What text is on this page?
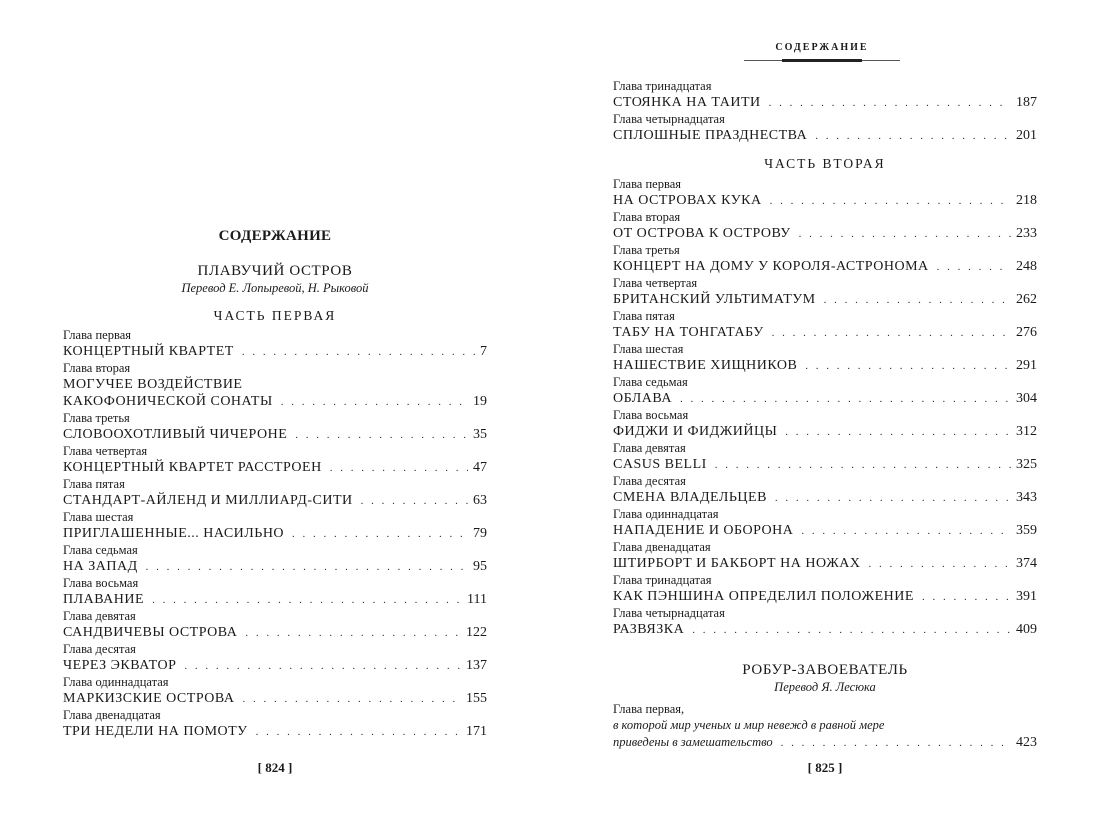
СОДЕРЖАНИЕ
ПЛАВУЧИЙ ОСТРОВ
Перевод Е. Лопыревой, Н. Рыковой
ЧАСТЬ ПЕРВАЯ
Глава первая
КОНЦЕРТНЫЙ КВАРТЕТ . . .	7
Глава вторая
МОГУЧЕЕ ВОЗДЕЙСТВИЕ
КАКОФОНИЧЕСКОЙ СОНАТЫ . . .	19
Глава третья
СЛОВООХОТЛИВЫЙ ЧИЧЕРОНЕ . . .	35
Глава четвертая
КОНЦЕРТНЫЙ КВАРТЕТ РАССТРОЕН . . .	47
Глава пятая
СТАНДАРТ-АЙЛЕНД И МИЛЛИАРД-СИТИ . . .	63
Глава шестая
ПРИГЛАШЕННЫЕ... НАСИЛЬНО . . .	79
Глава седьмая
НА ЗАПАД . . .	95
Глава восьмая
ПЛАВАНИЕ . . .	111
Глава девятая
САНДВИЧЕВЫ ОСТРОВА . . .	122
Глава десятая
ЧЕРЕЗ ЭКВАТОР . . .	137
Глава одиннадцатая
МАРКИЗСКИЕ ОСТРОВА . . .	155
Глава двенадцатая
ТРИ НЕДЕЛИ НА ПОМОТУ . . .	171
[ 824 ]
СОДЕРЖАНИЕ
Глава тринадцатая
СТОЯНКА НА ТАИТИ . . .	187
Глава четырнадцатая
СПЛОШНЫЕ ПРАЗДНЕСТВА . . .	201
ЧАСТЬ ВТОРАЯ
Глава первая
НА ОСТРОВАХ КУКА . . .	218
Глава вторая
ОТ ОСТРОВА К ОСТРОВУ . . .	233
Глава третья
КОНЦЕРТ НА ДОМУ У КОРОЛЯ-АСТРОНОМА . . .	248
Глава четвертая
БРИТАНСКИЙ УЛЬТИМАТУМ . . .	262
Глава пятая
ТАБУ НА ТОНГАТАБУ . . .	276
Глава шестая
НАШЕСТВИЕ ХИЩНИКОВ . . .	291
Глава седьмая
ОБЛАВА . . .	304
Глава восьмая
ФИДЖИ И ФИДЖИЙЦЫ . . .	312
Глава девятая
CASUS BELLI . . .	325
Глава десятая
СМЕНА ВЛАДЕЛЬЦЕВ . . .	343
Глава одиннадцатая
НАПАДЕНИЕ И ОБОРОНА . . .	359
Глава двенадцатая
ШТИРБОРТ И БАКБОРТ НА НОЖАХ . . .	374
Глава тринадцатая
КАК ПЭНШИНА ОПРЕДЕЛИЛ ПОЛОЖЕНИЕ . . .	391
Глава четырнадцатая
РАЗВЯЗКА . . .	409
РОБУР-ЗАВОЕВАТЕЛЬ
Перевод Я. Лесюка
Глава первая,
в которой мир ученых и мир невежд в равной мере
приведены в замешательство . . .	423
[ 825 ]
